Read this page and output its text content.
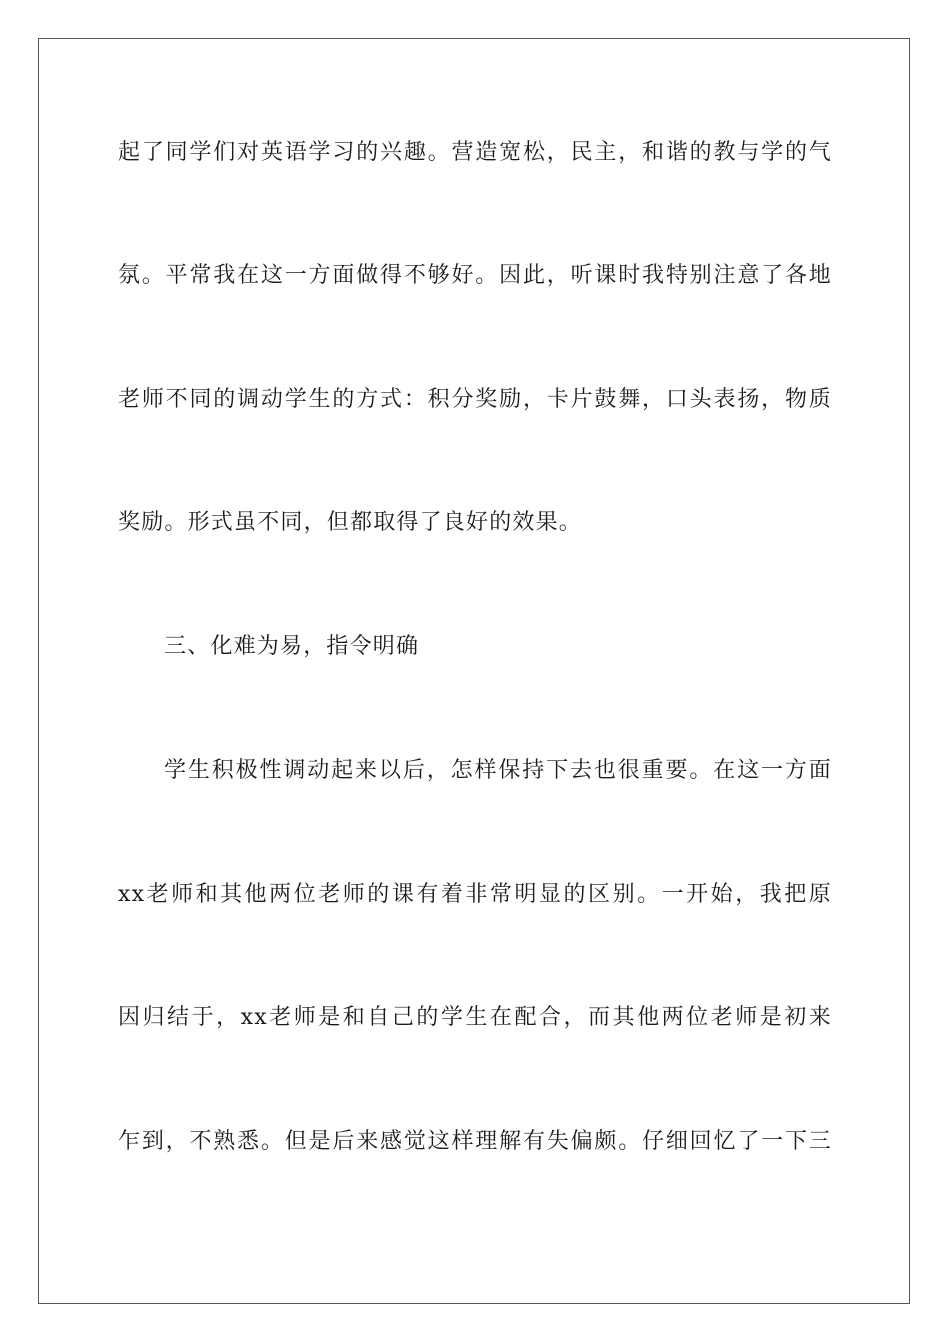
起了同学们对英语学习的兴趣。营造宽松，民主，和谐的教与学的气
氛。平常我在这一方面做得不够好。因此，听课时我特别注意了各地
老师不同的调动学生的方式：积分奖励，卡片鼓舞，口头表扬，物质
奖励。形式虽不同，但都取得了良好的效果。
三、化难为易，指令明确
学生积极性调动起来以后，怎样保持下去也很重要。在这一方面
xx老师和其他两位老师的课有着非常明显的区别。一开始，我把原
因归结于，xx老师是和自己的学生在配合，而其他两位老师是初来
乍到，不熟悉。但是后来感觉这样理解有失偏颇。仔细回忆了一下三
